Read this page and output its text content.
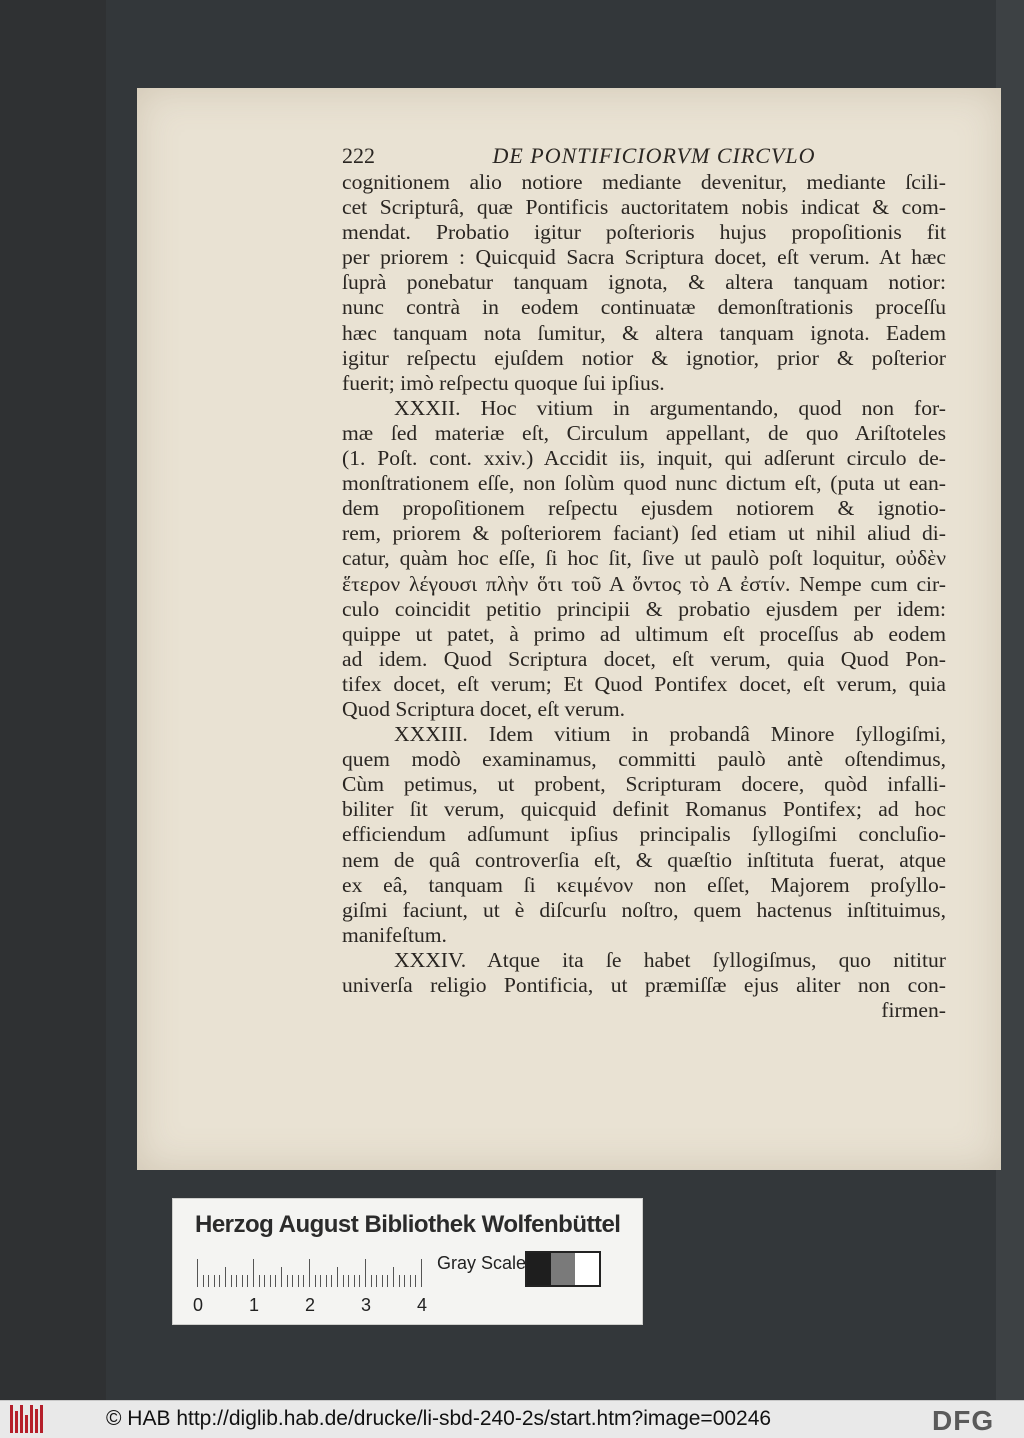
222	DE PONTIFICIORVM CIRCVLO
cognitionem alio notiore mediante devenitur, mediante ſcili-
cet Scripturâ, quæ Pontificis auctoritatem nobis indicat & com-
mendat. Probatio igitur poſterioris hujus propoſitionis fit
per priorem : Quicquid Sacra Scriptura docet, eſt verum. At hæc
ſuprà ponebatur tanquam ignota, & altera tanquam notior:
nunc contrà in eodem continuatæ demonſtrationis proceſſu
hæc tanquam nota ſumitur, & altera tanquam ignota. Eadem
igitur reſpectu ejuſdem notior & ignotior, prior & poſterior
fuerit; imò reſpectu quoque ſui ipſius.
XXXII. Hoc vitium in argumentando, quod non for-
mæ ſed materiæ eſt, Circulum appellant, de quo Ariſtoteles
(1. Poſt. cont. xxiv.) Accidit iis, inquit, qui adſerunt circulo de-
monſtrationem eſſe, non ſolùm quod nunc dictum eſt, (puta ut ean-
dem propoſitionem reſpectu ejusdem notiorem & ignotio-
rem, priorem & poſteriorem faciant) ſed etiam ut nihil aliud di-
catur, quàm hoc eſſe, ſi hoc ſit, ſive ut paulò poſt loquitur, οὐδὲν
ἕτερον λέγουσι πλὴν ὅτι τοῦ Α ὄντος τὸ Α ἐστίν. Nempe cum cir-
culo coincidit petitio principii & probatio ejusdem per idem:
quippe ut patet, à primo ad ultimum eſt proceſſus ab eodem
ad idem. Quod Scriptura docet, eſt verum, quia Quod Pon-
tifex docet, eſt verum; Et Quod Pontifex docet, eſt verum, quia
Quod Scriptura docet, eſt verum.
XXXIII. Idem vitium in probandâ Minore ſyllogiſmi,
quem modò examinamus, committi paulò antè oſtendimus,
Cùm petimus, ut probent, Scripturam docere, quòd infalli-
biliter ſit verum, quicquid definit Romanus Pontifex; ad hoc
efficiendum adſumunt ipſius principalis ſyllogiſmi concluſio-
nem de quâ controverſia eſt, & quæſtio inſtituta fuerat, atque
ex eâ, tanquam ſi κειμένον non eſſet, Majorem proſyllo-
giſmi faciunt, ut è diſcurſu noſtro, quem hactenus inſtituimus,
manifeſtum.
XXXIV. Atque ita ſe habet ſyllogiſmus, quo nititur
univerſa religio Pontificia, ut præmiſſæ ejus aliter non con-
firmen-
Herzog August Bibliothek Wolfenbüttel
0	1	2	3	4
Gray Scale
© HAB http://diglib.hab.de/drucke/li-sbd-240-2s/start.htm?image=00246	DFG
